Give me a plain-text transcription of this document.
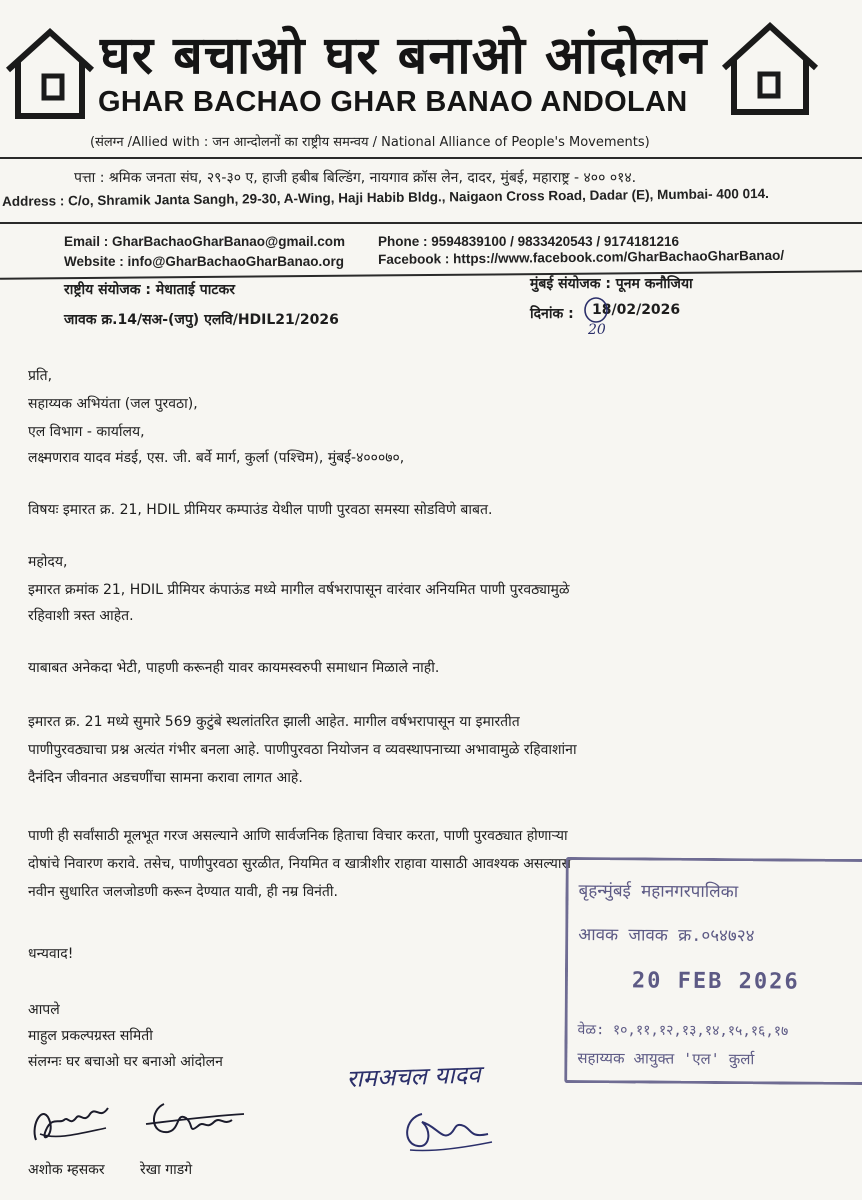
घर बचाओ घर बनाओ आंदोलन
GHAR BACHAO GHAR BANAO ANDOLAN
(संलग्न /Allied with : जन आन्दोलनों का राष्ट्रीय समन्वय / National Alliance of People's Movements)
पत्ता : श्रमिक जनता संघ, २९-३० ए, हाजी हबीब बिल्डिंग, नायगाव क्रॉस लेन, दादर, मुंबई, महाराष्ट्र - ४०० ०१४.
Address : C/o, Shramik Janta Sangh, 29-30, A-Wing, Haji Habib Bldg., Naigaon Cross Road, Dadar (E), Mumbai- 400 014.
Email : GharBachaoGharBanao@gmail.com Phone : 9594839100 / 9833420543 / 9174181216
Website : info@GharBachaoGharBanao.org	Facebook : https://www.facebook.com/GharBachaoGharBanao/
राष्ट्रीय संयोजक : मेधाताई पाटकर	मुंबई संयोजक : पूनम कनौजिया
जावक क्र.14/सअ-(जपु) एलवि/HDIL21/2026	दिनांक : 18/02/2026
20
प्रति,
सहाय्यक अभियंता (जल पुरवठा),
एल विभाग - कार्यालय,
लक्ष्मणराव यादव मंडई, एस. जी. बर्वे मार्ग, कुर्ला (पश्चिम), मुंबई-४०००७०,
विषयः इमारत क्र. 21, HDIL प्रीमियर कम्पाउंड येथील पाणी पुरवठा समस्या सोडविणे बाबत.
महोदय,
इमारत क्रमांक 21, HDIL प्रीमियर कंपाऊंड मध्ये मागील वर्षभरापासून वारंवार अनियमित पाणी पुरवठ्यामुळे
रहिवाशी त्रस्त आहेत.
याबाबत अनेकदा भेटी, पाहणी करूनही यावर कायमस्वरुपी समाधान मिळाले नाही.
इमारत क्र. 21 मध्ये सुमारे 569 कुटुंबे स्थलांतरित झाली आहेत. मागील वर्षभरापासून या इमारतीत
पाणीपुरवठ्याचा प्रश्न अत्यंत गंभीर बनला आहे. पाणीपुरवठा नियोजन व व्यवस्थापनाच्या अभावामुळे रहिवाशांना
दैनंदिन जीवनात अडचणींचा सामना करावा लागत आहे.
पाणी ही सर्वांसाठी मूलभूत गरज असल्याने आणि सार्वजनिक हिताचा विचार करता, पाणी पुरवठ्यात होणाऱ्या
दोषांचे निवारण करावे. तसेच, पाणीपुरवठा सुरळीत, नियमित व खात्रीशीर राहावा यासाठी आवश्यक असल्यास
नवीन सुधारित जलजोडणी करून देण्यात यावी, ही नम्र विनंती.
धन्यवाद!
आपले
माहुल प्रकल्पग्रस्त समिती
संलग्नः घर बचाओ घर बनाओ आंदोलन
अशोक म्हसकर	रेखा गाडगे
बृहन्मुंबई महानगरपालिका
आवक जावक क्र.०५४७२४
20 FEB 2026
वेळ: १०,११,१२,१३,१४,१५,१६,१७
सहाय्यक आयुक्त 'एल' कुर्ला
रामअचल यादव
